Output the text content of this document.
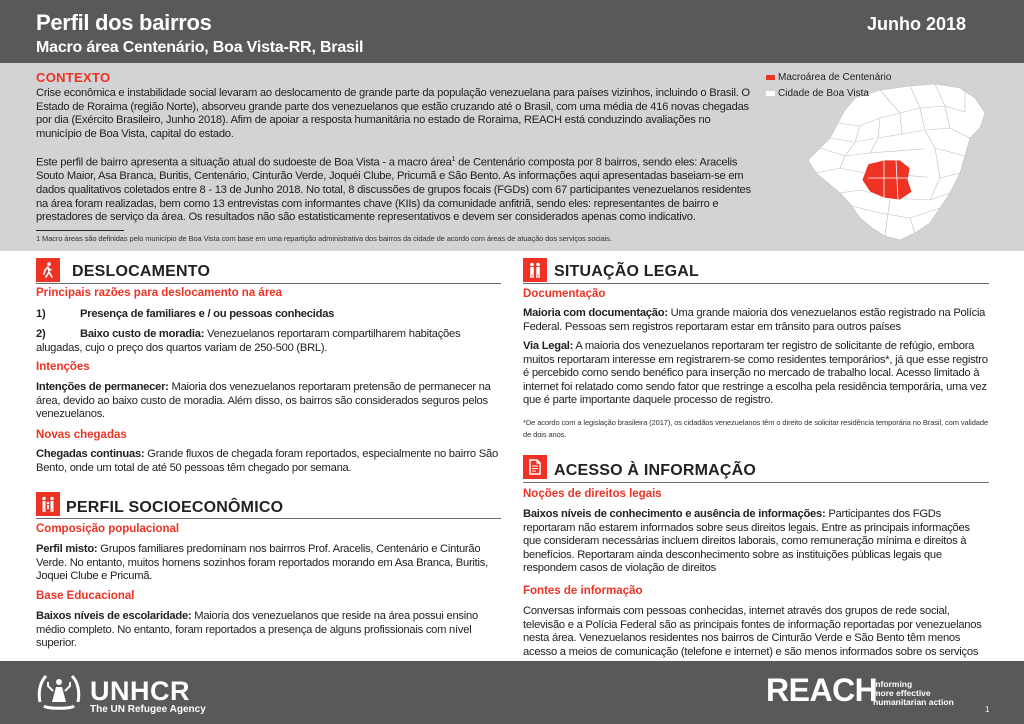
Perfil dos bairros
Macro área Centenário, Boa Vista-RR, Brasil
Junho 2018
CONTEXTO
Crise econômica e instabilidade social levaram ao deslocamento de grande parte da população venezuelana para países vizinhos, incluindo o Brasil. O Estado de Roraima (região Norte), absorveu grande parte dos venezuelanos que estão cruzando até o Brasil, com uma média de 416 novas chegadas por dia (Exército Brasileiro, Junho 2018). Afim de apoiar a resposta humanitária no estado de Roraima, REACH está conduzindo avaliações no município de Boa Vista, capital do estado.
Este perfil de bairro apresenta a situação atual do sudoeste de Boa Vista - a macro área$^1$ de Centenário composta por 8 bairros, sendo eles: Aracelis Souto Maior, Asa Branca, Buritis, Centenário, Cinturão Verde, Joquéi Clube, Pricumã e São Bento. As informações aqui apresentadas baseiam-se em dados qualitativos coletados entre 8 - 13 de Junho 2018. No total, 8 discussões de grupos focais (FGDs) com 67 participantes venezuelanos residentes na área foram realizadas, bem como 13 entrevistas com informantes chave (KIIs) da comunidade anfitriã, sendo eles: representantes de bairro e prestadores de serviço da área. Os resultados não são estatisticamente representativos e devem ser considerados apenas como indicativo.
1 Macro áreas são definidas pelo município de Boa Vista com base em uma repartição administrativa dos bairros da cidade de acordo com áreas de atuação dos serviços sociais.
Macroárea de Centenário
Cidade de Boa Vista
DESLOCAMENTO
Principais razões para deslocamento na área
1)	Presença de familiares e / ou pessoas conhecidas
2)	Baixo custo de moradia: Venezuelanos reportaram compartilharem habitações alugadas, cujo o preço dos quartos variam de 250-500 (BRL).
Intenções
Intenções de permanecer: Maioria dos venezuelanos reportaram pretensão de permanecer na área, devido ao baixo custo de moradia. Além disso, os bairros são considerados seguros pelos venezuelanos.
Novas chegadas
Chegadas continuas: Grande fluxos de chegada foram reportados, especialmente no bairro São Bento, onde um total de até 50 pessoas têm chegado por semana.
PERFIL SOCIOECONÔMICO
Composição populacional
Perfil misto: Grupos familiares predominam nos bairrros Prof. Aracelis, Centenário e Cinturão Verde. No entanto, muitos homens sozinhos foram reportados morando em Asa Branca, Buritis, Joquei Clube e Pricumã.
Base Educacional
Baixos níveis de escolaridade: Maioria dos venezuelanos que reside na área possui ensino médio completo. No entanto, foram reportados a presença de alguns profissionais com nível superior.
SITUAÇÃO LEGAL
Documentação
Maioria com documentação: Uma grande maioria dos venezuelanos estão registrado na Polícia Federal. Pessoas sem registros reportaram estar em trânsito para outros países
Via Legal: A maioria dos venezuelanos reportaram ter registro de solicitante de refúgio, embora muitos reportaram interesse em registrarem-se como residentes temporários*, já que esse registro é percebido como sendo benéfico para inserção no mercado de trabalho local. Acesso limitado à internet foi relatado como sendo fator que restringe a escolha pela residência temporária, uma vez que é parte importante daquele processo de registro.
*De acordo com a legislação brasileira (2017), os cidadãos venezuelanos têm o direito de solicitar residência temporária no Brasil, com validade de dois anos.
ACESSO À INFORMAÇÃO
Noções de direitos legais
Baixos níveis de conhecimento e ausência de informações: Participantes dos FGDs reportaram não estarem informados sobre seus direitos legais. Entre as principais informações que consideram necessárias incluem direitos laborais, como remuneração mínima e direitos à benefícios. Reportaram ainda desconhecimento sobre as instituições públicas legais que respondem casos de violação de direitos
Fontes de informação
Conversas informais com pessoas conhecidas, internet através dos grupos de rede social, televisão e a Polícia Federal são as principais fontes de informação reportadas por venezuelanos nesta área. Venezuelanos residentes nos bairros de Cinturão Verde e São Bento têm menos acesso a meios de comunicação (telefone e internet) e são menos informados sobre os serviços
UNHCR
The UN Refugee Agency
REACH
Informing
more effective
humanitarian action
1
